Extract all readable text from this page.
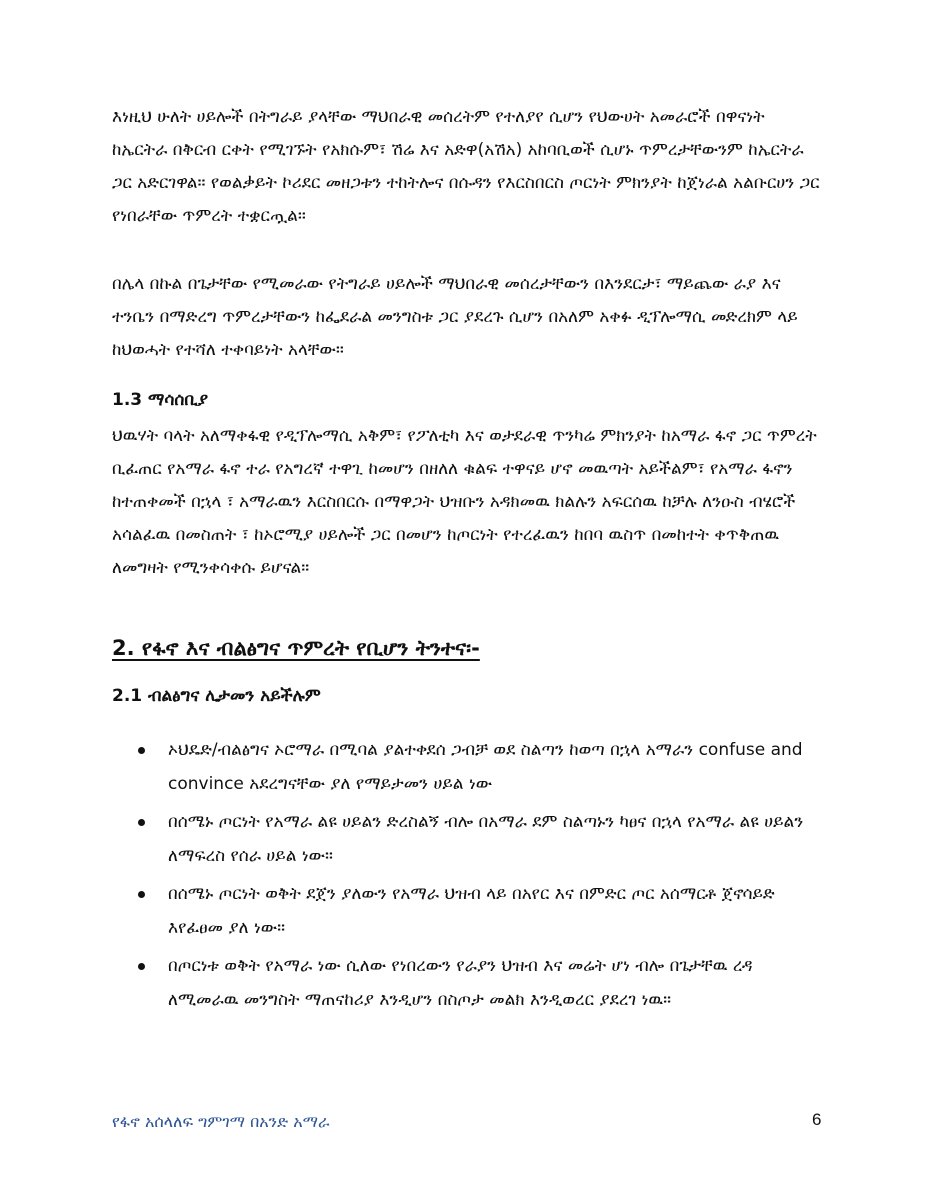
እነዚህ ሁለት ሀይሎች በትግራይ ያላቸው ማህበራዊ መሰረትም የተለያየ ሲሆን የህውሀት አመራሮች በዋናነት ከኤርትራ በቅርብ ርቀት የሚገኙት የአክሱም፣ ሽሬ እና አድዋ(አሽአ) አከባቢወች ሲሆኑ ጥምረታቸውንም ከኤርትራ ጋር አድርገዋል። የወልቃይት ኮሪደር መዘጋቱን ተከትሎና በሱዳን የእርስበርስ ጦርነት ምክንያት ከጀነራል አልቡርሀን ጋር የነበራቸው ጥምረት ተቋርጧል።

በሌላ በኩል በጌታቸው የሚመራው የትግራይ ሀይሎች ማህበራዊ መሰረታቸውን በእንደርታ፣ ማይጨው ራያ እና ተንቤን በማድረግ ጥምረታቸውን ከፌደራል መንግስቱ ጋር ያደረጉ ሲሆን በአለም አቀፉ ዲፕሎማሲ መድረክም ላይ ከህወሓት የተሻለ ተቀባይነት አላቸው።

1.3 ማሳሰቢያ

ህዉሃት ባላት አለማቀፋዊ የዲፕሎማሲ አቅም፣ የፖለቲካ እና ወታደራዊ ጥንካሬ ምክንያት ከአማራ ፋኖ ጋር ጥምረት ቢፈጠር የአማራ ፋኖ ተራ የአግረኛ ተዋጊ ከመሆን በዘለለ ቁልፍ ተዋናይ ሆኖ መዉጣት አይችልም፣ የአማራ ፋኖን ከተጠቀመች በኋላ ፣ አማራዉን እርስበርሱ በማዋጋት ህዝቡን አዳክመዉ ክልሉን አፍርሰዉ ከቻሉ ለንዑስ ብሄሮች አሳልፈዉ በመስጠት ፣ ከኦሮሚያ ሀይሎች ጋር በመሆን ከጦርነት የተረፈዉን ከበባ ዉስጥ በመከተት ቀጥቅጠዉ ለመግዛት የሚንቀሳቀሱ ይሆናል።

2. የፋኖ እና ብልፅግና ጥምረት የቢሆን ትንተና፡-

2.1 ብልፅግና ሊታመን አይችሉም

ኦህዴድ/ብልፅግና ኦሮማራ በሚባል ያልተቀደሰ ጋብቻ ወደ ስልጣን ከወጣ በኋላ አማራን confuse and convince አደረግናቸው ያለ የማይታመን ሀይል ነው
በሰሜኑ ጦርነት የአማራ ልዩ ሀይልን ድረስልኝ ብሎ በአማራ ደም ስልጣኑን ካፀና በኋላ የአማራ ልዩ ሀይልን ለማፍረስ የሰራ ሀይል ነው።
በሰሜኑ ጦርነት ወቅት ደጀን ያለውን የአማራ ህዝብ ላይ በአየር እና በምድር ጦር አሰማርቶ ጀኖሳይድ እየፈፀመ ያለ ነው።
በጦርነቱ ወቅት የአማራ ነው ሲለው የነበረውን የራያን ህዝብ እና መሬት ሆነ ብሎ በጌታቸዉ ረዳ ለሚመራዉ መንግስት ማጠናከሪያ እንዲሆን በስጦታ መልክ እንዲወረር ያደረገ ነዉ።
የፋኖ አሰላለፍ ግምገማ በአንድ አማራ	6
